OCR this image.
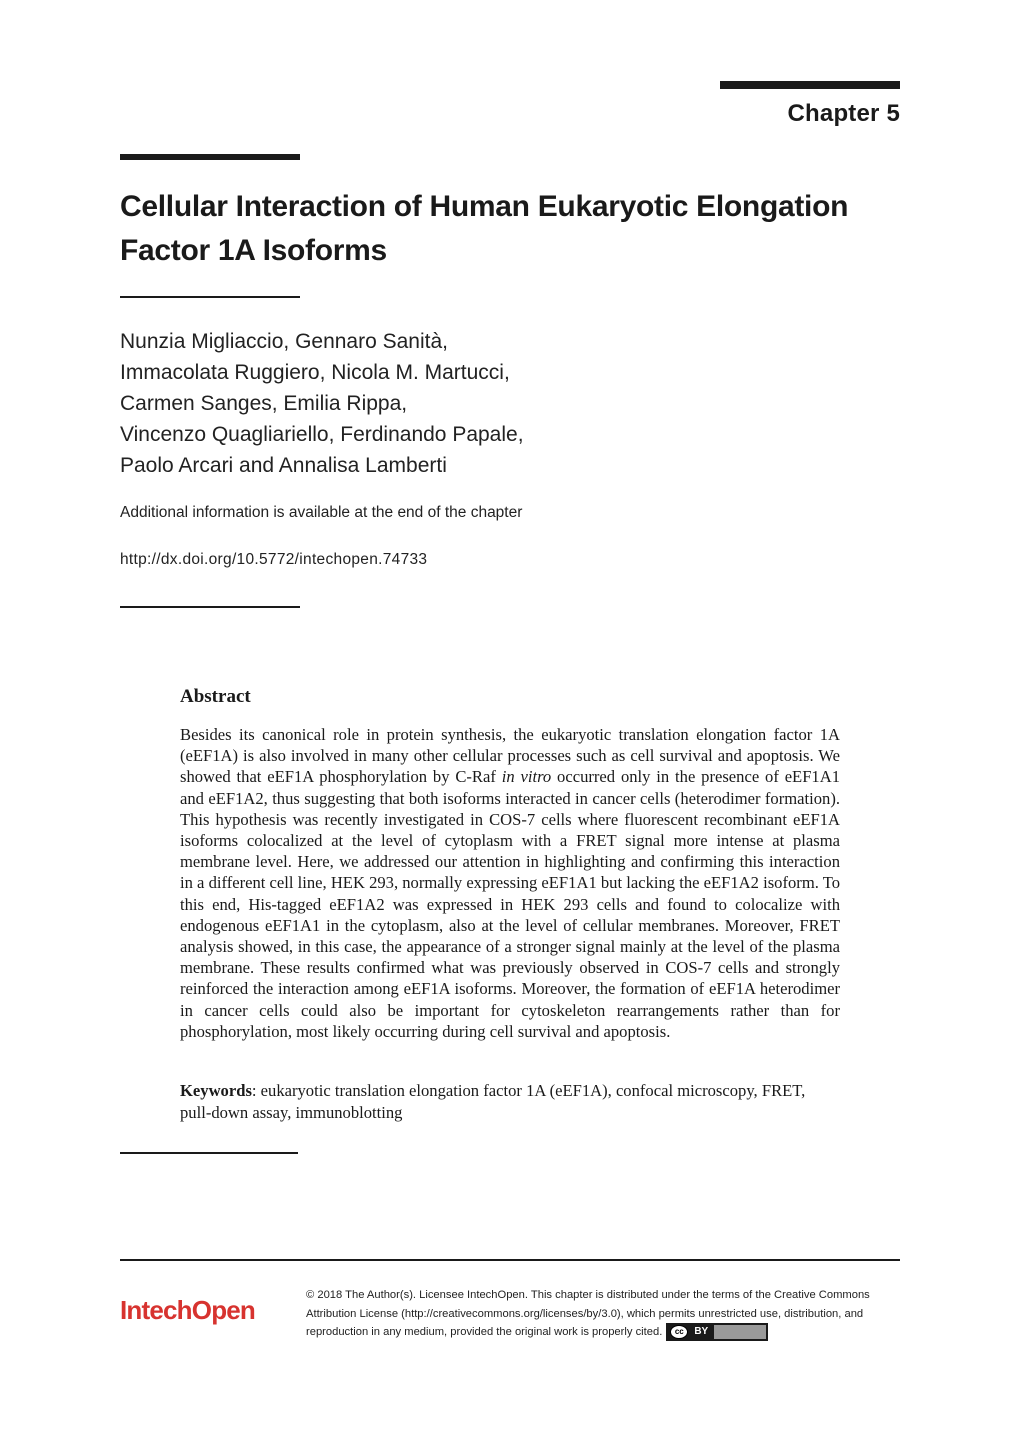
Chapter 5
Cellular Interaction of Human Eukaryotic Elongation Factor 1A Isoforms
Nunzia Migliaccio, Gennaro Sanità,
Immacolata Ruggiero, Nicola M. Martucci,
Carmen Sanges, Emilia Rippa,
Vincenzo Quagliariello, Ferdinando Papale,
Paolo Arcari and Annalisa Lamberti
Additional information is available at the end of the chapter
http://dx.doi.org/10.5772/intechopen.74733
Abstract

Besides its canonical role in protein synthesis, the eukaryotic translation elongation factor 1A (eEF1A) is also involved in many other cellular processes such as cell survival and apoptosis. We showed that eEF1A phosphorylation by C-Raf in vitro occurred only in the presence of eEF1A1 and eEF1A2, thus suggesting that both isoforms interacted in cancer cells (heterodimer formation). This hypothesis was recently investigated in COS-7 cells where fluorescent recombinant eEF1A isoforms colocalized at the level of cytoplasm with a FRET signal more intense at plasma membrane level. Here, we addressed our attention in highlighting and confirming this interaction in a different cell line, HEK 293, normally expressing eEF1A1 but lacking the eEF1A2 isoform. To this end, His-tagged eEF1A2 was expressed in HEK 293 cells and found to colocalize with endogenous eEF1A1 in the cytoplasm, also at the level of cellular membranes. Moreover, FRET analysis showed, in this case, the appearance of a stronger signal mainly at the level of the plasma membrane. These results confirmed what was previously observed in COS-7 cells and strongly reinforced the interaction among eEF1A isoforms. Moreover, the formation of eEF1A heterodimer in cancer cells could also be important for cytoskeleton rearrangements rather than for phosphorylation, most likely occurring during cell survival and apoptosis.

Keywords: eukaryotic translation elongation factor 1A (eEF1A), confocal microscopy, FRET, pull-down assay, immunoblotting

IntechOpen	© 2018 The Author(s). Licensee IntechOpen. This chapter is distributed under the terms of the Creative Commons Attribution License (http://creativecommons.org/licenses/by/3.0), which permits unrestricted use, distribution, and reproduction in any medium, provided the original work is properly cited.	cc	BY
